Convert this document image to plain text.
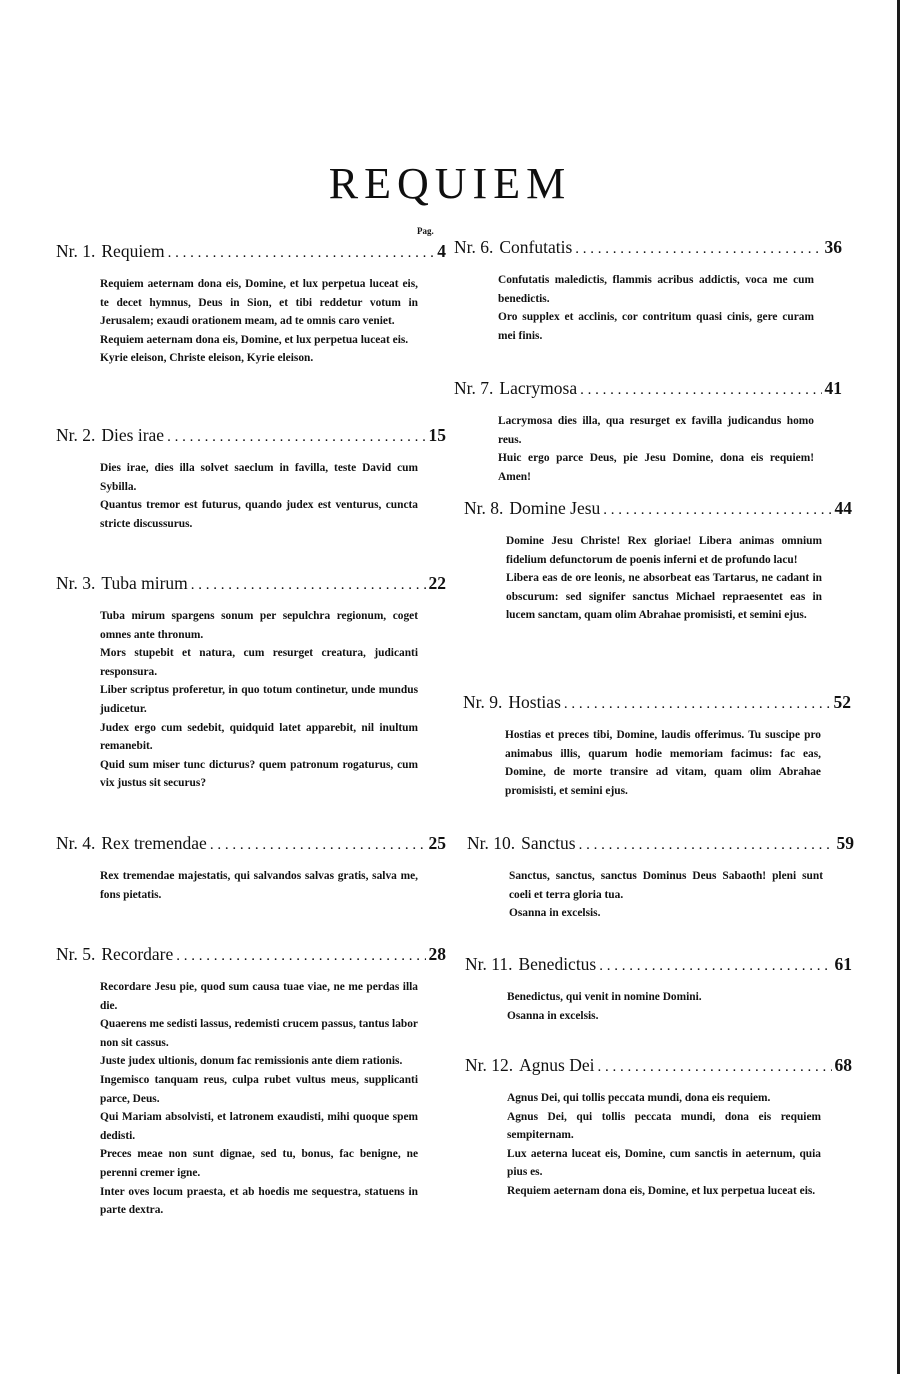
REQUIEM
Pag.
Nr. 1. Requiem . . .	4

Requiem aeternam dona eis, Domine, et lux perpetua luceat eis, te decet hymnus, Deus in Sion, et tibi reddetur votum in Jerusalem; exaudi orationem meam, ad te omnis caro veniet.

Requiem aeternam dona eis, Domine, et lux perpetua luceat eis.

Kyrie eleison, Christe eleison, Kyrie eleison.

Nr. 2. Dies irae . . .	15

Dies irae, dies illa solvet saeclum in favilla, teste David cum Sybilla.

Quantus tremor est futurus, quando judex est venturus, cuncta stricte discussurus.

Nr. 3. Tuba mirum . . .	22

Tuba mirum spargens sonum per sepulchra regionum, coget omnes ante thronum.

Mors stupebit et natura, cum resurget creatura, judicanti responsura.

Liber scriptus proferetur, in quo totum continetur, unde mundus judicetur.

Judex ergo cum sedebit, quidquid latet apparebit, nil inultum remanebit.

Quid sum miser tunc dicturus? quem patronum rogaturus, cum vix justus sit securus?

Nr. 4. Rex tremendae . . .	25

Rex tremendae majestatis, qui salvandos salvas gratis, salva me, fons pietatis.

Nr. 5. Recordare . . .	28

Recordare Jesu pie, quod sum causa tuae viae, ne me perdas illa die.

Quaerens me sedisti lassus, redemisti crucem passus, tantus labor non sit cassus.

Juste judex ultionis, donum fac remissionis ante diem rationis.

Ingemisco tanquam reus, culpa rubet vultus meus, supplicanti parce, Deus.

Qui Mariam absolvisti, et latronem exaudisti, mihi quoque spem dedisti.

Preces meae non sunt dignae, sed tu, bonus, fac benigne, ne perenni cremer igne.

Inter oves locum praesta, et ab hoedis me sequestra, statuens in parte dextra.

Nr. 6. Confutatis . . .	36

Confutatis maledictis, flammis acribus addictis, voca me cum benedictis.

Oro supplex et acclinis, cor contritum quasi cinis, gere curam mei finis.

Nr. 7. Lacrymosa . . .	41

Lacrymosa dies illa, qua resurget ex favilla judicandus homo reus.

Huic ergo parce Deus, pie Jesu Domine, dona eis requiem! Amen!

Nr. 8. Domine Jesu . . .	44

Domine Jesu Christe! Rex gloriae! Libera animas omnium fidelium defunctorum de poenis inferni et de profundo lacu!

Libera eas de ore leonis, ne absorbeat eas Tartarus, ne cadant in obscurum: sed signifer sanctus Michael repraesentet eas in lucem sanctam, quam olim Abrahae promisisti, et semini ejus.

Nr. 9. Hostias . . .	52

Hostias et preces tibi, Domine, laudis offerimus. Tu suscipe pro animabus illis, quarum hodie memoriam facimus: fac eas, Domine, de morte transire ad vitam, quam olim Abrahae promisisti, et semini ejus.

Nr. 10. Sanctus . . .	59

Sanctus, sanctus, sanctus Dominus Deus Sabaoth! pleni sunt coeli et terra gloria tua.

Osanna in excelsis.

Nr. 11. Benedictus . . .	61

Benedictus, qui venit in nomine Domini.

Osanna in excelsis.

Nr. 12. Agnus Dei . . .	68

Agnus Dei, qui tollis peccata mundi, dona eis requiem.

Agnus Dei, qui tollis peccata mundi, dona eis requiem sempiternam.

Lux aeterna luceat eis, Domine, cum sanctis in aeternum, quia pius es.

Requiem aeternam dona eis, Domine, et lux perpetua luceat eis.
